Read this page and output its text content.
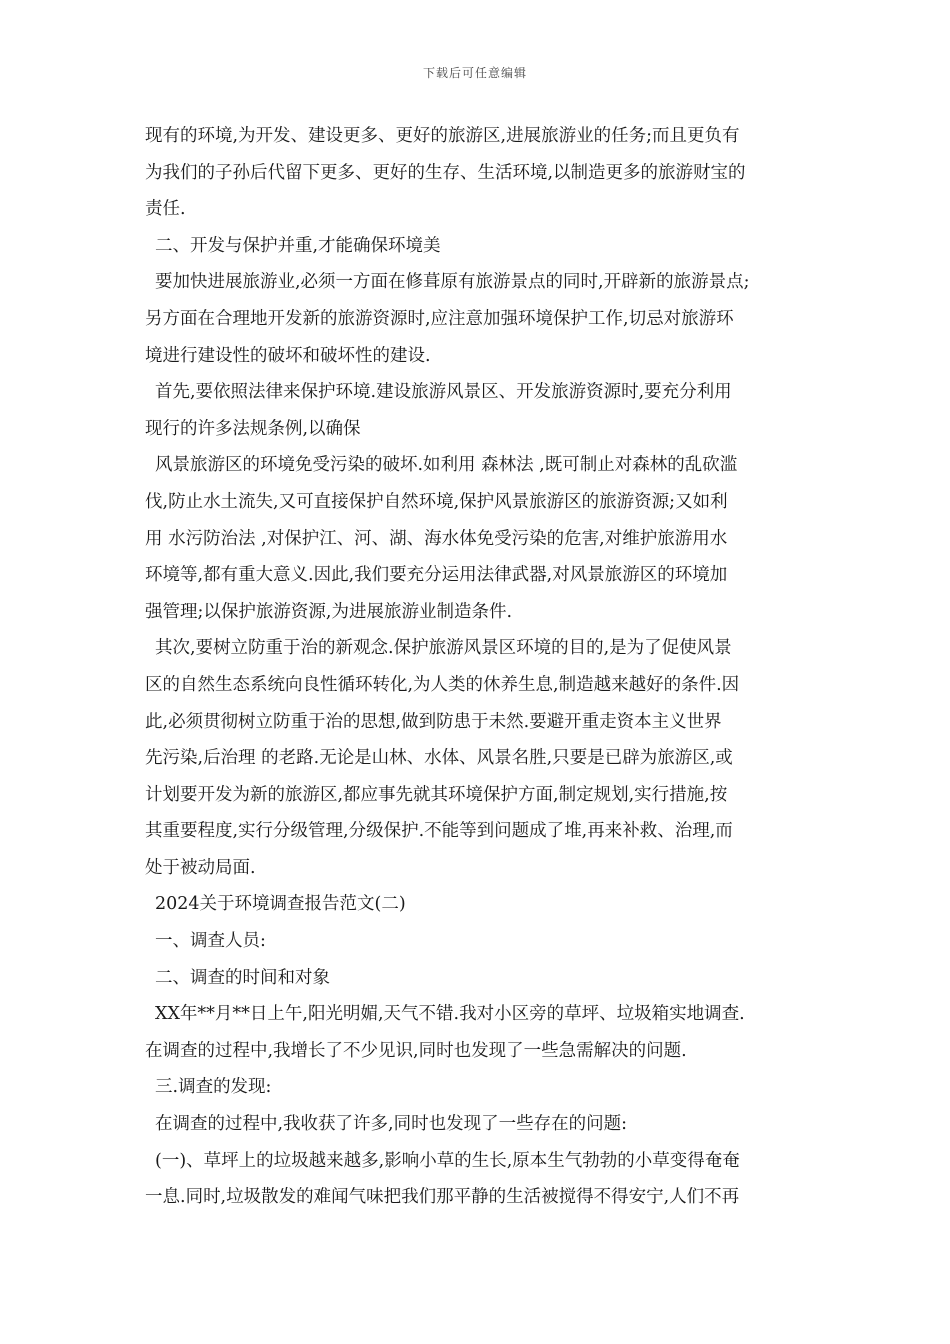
下载后可任意编辑
现有的环境,为开发、建设更多、更好的旅游区,进展旅游业的任务;而且更负有
为我们的子孙后代留下更多、更好的生存、生活环境,以制造更多的旅游财宝的
责任.
二、开发与保护并重,才能确保环境美
要加快进展旅游业,必须一方面在修葺原有旅游景点的同时,开辟新的旅游景点;
另方面在合理地开发新的旅游资源时,应注意加强环境保护工作,切忌对旅游环
境进行建设性的破坏和破坏性的建设.
首先,要依照法律来保护环境.建设旅游风景区、开发旅游资源时,要充分利用
现行的许多法规条例,以确保
风景旅游区的环境免受污染的破坏.如利用 森林法 ,既可制止对森林的乱砍滥
伐,防止水土流失,又可直接保护自然环境,保护风景旅游区的旅游资源;又如利
用 水污防治法 ,对保护江、河、湖、海水体免受污染的危害,对维护旅游用水
环境等,都有重大意义.因此,我们要充分运用法律武器,对风景旅游区的环境加
强管理;以保护旅游资源,为进展旅游业制造条件.
其次,要树立防重于治的新观念.保护旅游风景区环境的目的,是为了促使风景
区的自然生态系统向良性循环转化,为人类的休养生息,制造越来越好的条件.因
此,必须贯彻树立防重于治的思想,做到防患于未然.要避开重走资本主义世界
先污染,后治理 的老路.无论是山林、水体、风景名胜,只要是已辟为旅游区,或
计划要开发为新的旅游区,都应事先就其环境保护方面,制定规划,实行措施,按
其重要程度,实行分级管理,分级保护.不能等到问题成了堆,再来补救、治理,而
处于被动局面.
2024关于环境调查报告范文(二)
一、调查人员:
二、调查的时间和对象
XX年**月**日上午,阳光明媚,天气不错.我对小区旁的草坪、垃圾箱实地调查.
在调查的过程中,我增长了不少见识,同时也发现了一些急需解决的问题.
三.调查的发现:
在调查的过程中,我收获了许多,同时也发现了一些存在的问题:
(一)、草坪上的垃圾越来越多,影响小草的生长,原本生气勃勃的小草变得奄奄
一息.同时,垃圾散发的难闻气味把我们那平静的生活被搅得不得安宁,人们不再
